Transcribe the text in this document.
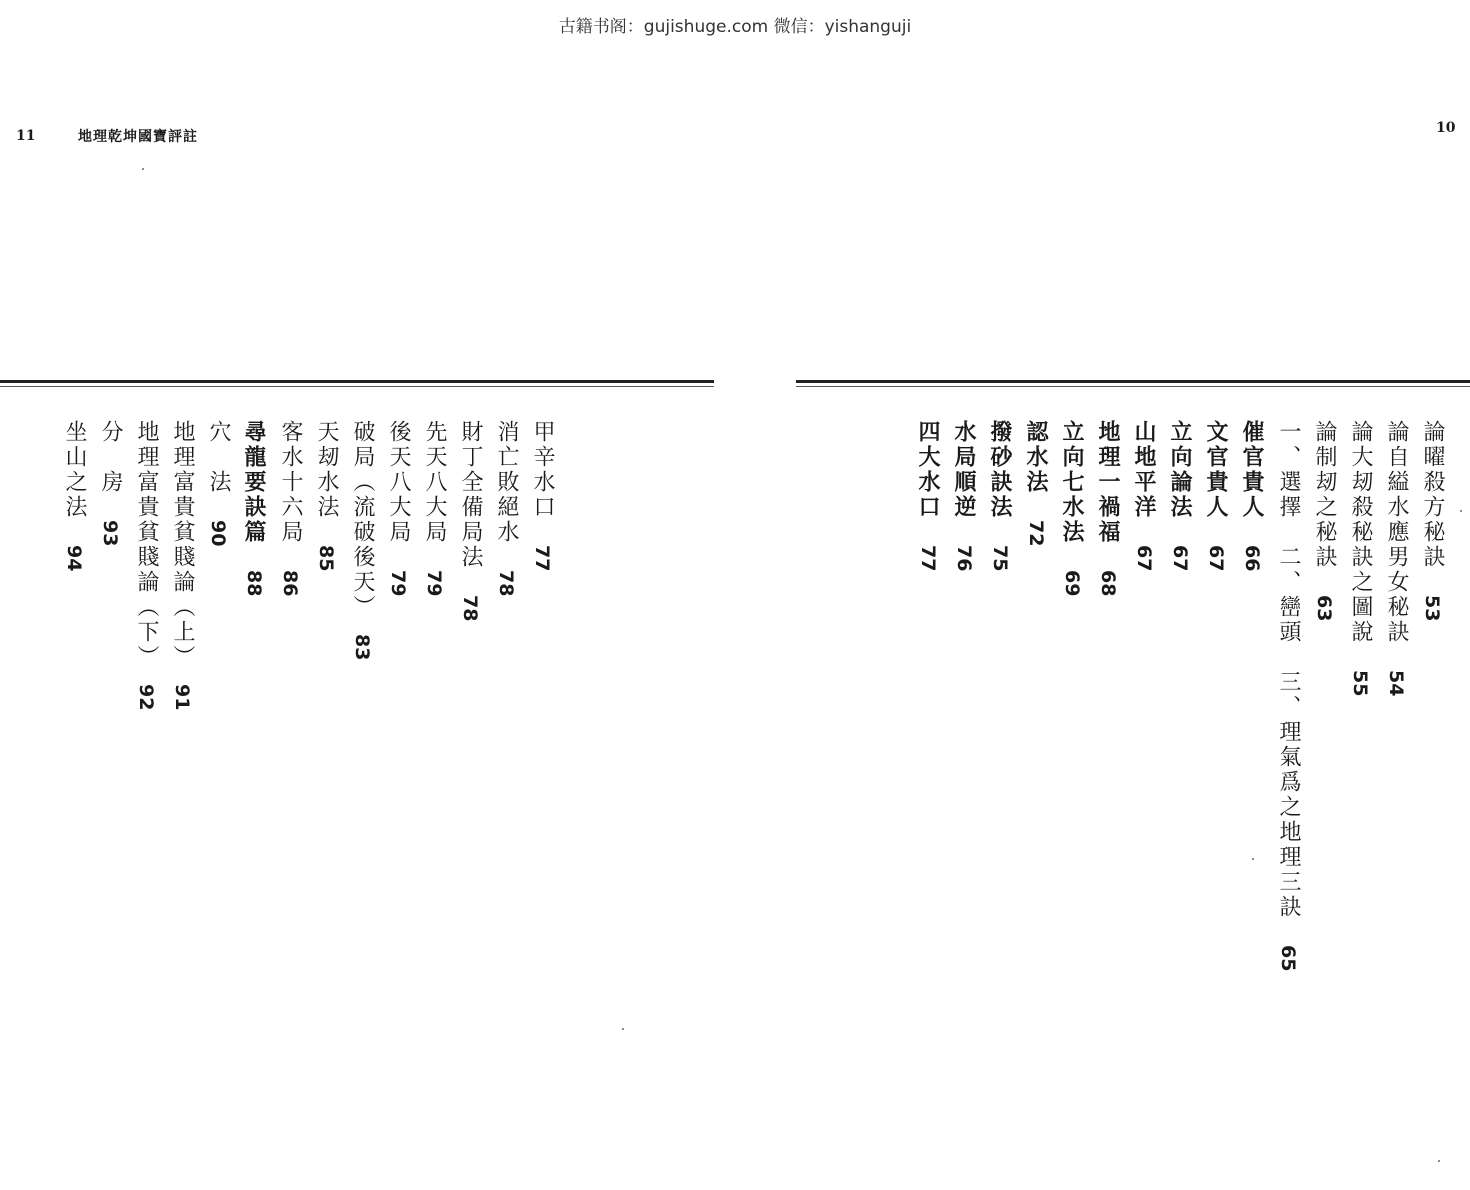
古籍书阁：gujishuge.com 微信：yishanguji
11	地理乾坤國寶評註
10
論曜殺方秘訣　53
論自縊水應男女秘訣　54
論大刼殺秘訣之圖說　55
論制刼之秘訣　63
一、選擇　二、巒頭　三、理氣爲之地理三訣　65
催官貴人　66
文官貴人　67
立向論法　67
山地平洋　67
地理一禍福　68
立向七水法　69
認水法　72
撥砂訣法　75
水局順逆　76
四大水口　77
甲辛水口　77
消亡敗絕水　78
財丁全備局法　78
先天八大局　79
後天八大局　79
破局（流破後天）　83
天刼水法　85
客水十六局　86
尋龍要訣篇　88
穴　法　90
地理富貴貧賤論（上）　91
地理富貴貧賤論（下）　92
分　房　93
坐山之法　94
